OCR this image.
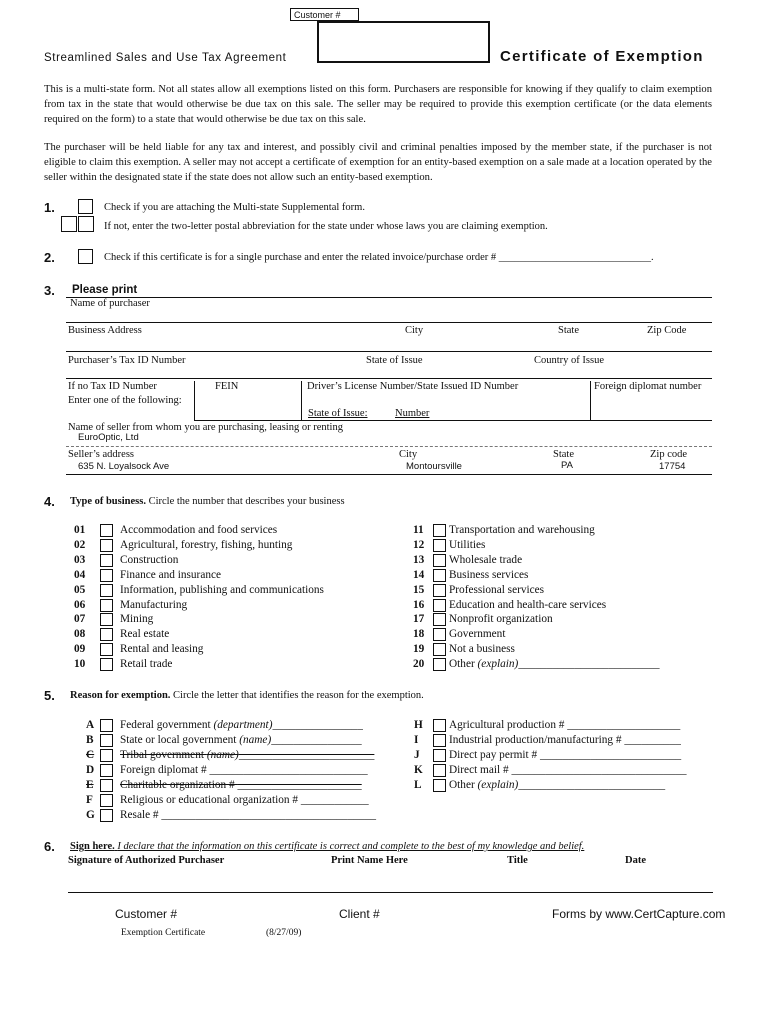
Customer #
Streamlined Sales and Use Tax Agreement	Certificate of Exemption

This is a multi-state form. Not all states allow all exemptions listed on this form. Purchasers are responsible for knowing if they qualify to claim exemption from tax in the state that would otherwise be due tax on this sale. The seller may be required to provide this exemption certificate (or the data elements required on the form) to a state that would otherwise be due tax on this sale.

The purchaser will be held liable for any tax and interest, and possibly civil and criminal penalties imposed by the member state, if the purchaser is not eligible to claim this exemption. A seller may not accept a certificate of exemption for an entity-based exemption on a sale made at a location operated by the seller within the designated state if the state does not allow such an entity-based exemption.

1.	Check if you are attaching the Multi-state Supplemental form.
If not, enter the two-letter postal abbreviation for the state under whose laws you are claiming exemption.
2.	Check if this certificate is for a single purchase and enter the related invoice/purchase order # _____________________________.
3. Please print
Name of purchaser
Business Address	City	State	Zip Code
Purchaser’s Tax ID Number	State of Issue	Country of Issue
If no Tax ID Number
Enter one of the following:
FEIN	Driver’s License Number/State Issued ID Number	Foreign diplomat number
State of Issue:	Number
Name of seller from whom you are purchasing, leasing or renting
EuroOptic, Ltd
Seller’s address	City	State	Zip code
635 N. Loyalsock Ave	Montoursville	PA	17754
4. Type of business. Circle the number that describes your business
01	Accommodation and food services
02	Agricultural, forestry, fishing, hunting
03	Construction
04	Finance and insurance
05	Information, publishing and communications
06	Manufacturing
07	Mining
08	Real estate
09	Rental and leasing
10	Retail trade
11 Transportation and warehousing
12 Utilities
13 Wholesale trade
14 Business services
15 Professional services
16 Education and health-care services
17 Nonprofit organization
18 Government
19 Not a business
20 Other (explain)_________________________
5. Reason for exemption. Circle the letter that identifies the reason for the exemption.
A Federal government (department)________________
B State or local government (name)________________
C Tribal government (name)________________________
D Foreign diplomat # ____________________________
E Charitable organization # ______________________
F Religious or educational organization # ____________
G Resale # ______________________________________
H Agricultural production # ____________________
I	Industrial production/manufacturing # __________
J	Direct pay permit # _________________________
K Direct mail # _______________________________
L Other (explain)__________________________
6. Sign here. I declare that the information on this certificate is correct and complete to the best of my knowledge and belief.
Signature of Authorized Purchaser	Print Name Here	Title	Date
Customer #	Client #	Forms by www.CertCapture.com
Exemption Certificate	(8/27/09)
